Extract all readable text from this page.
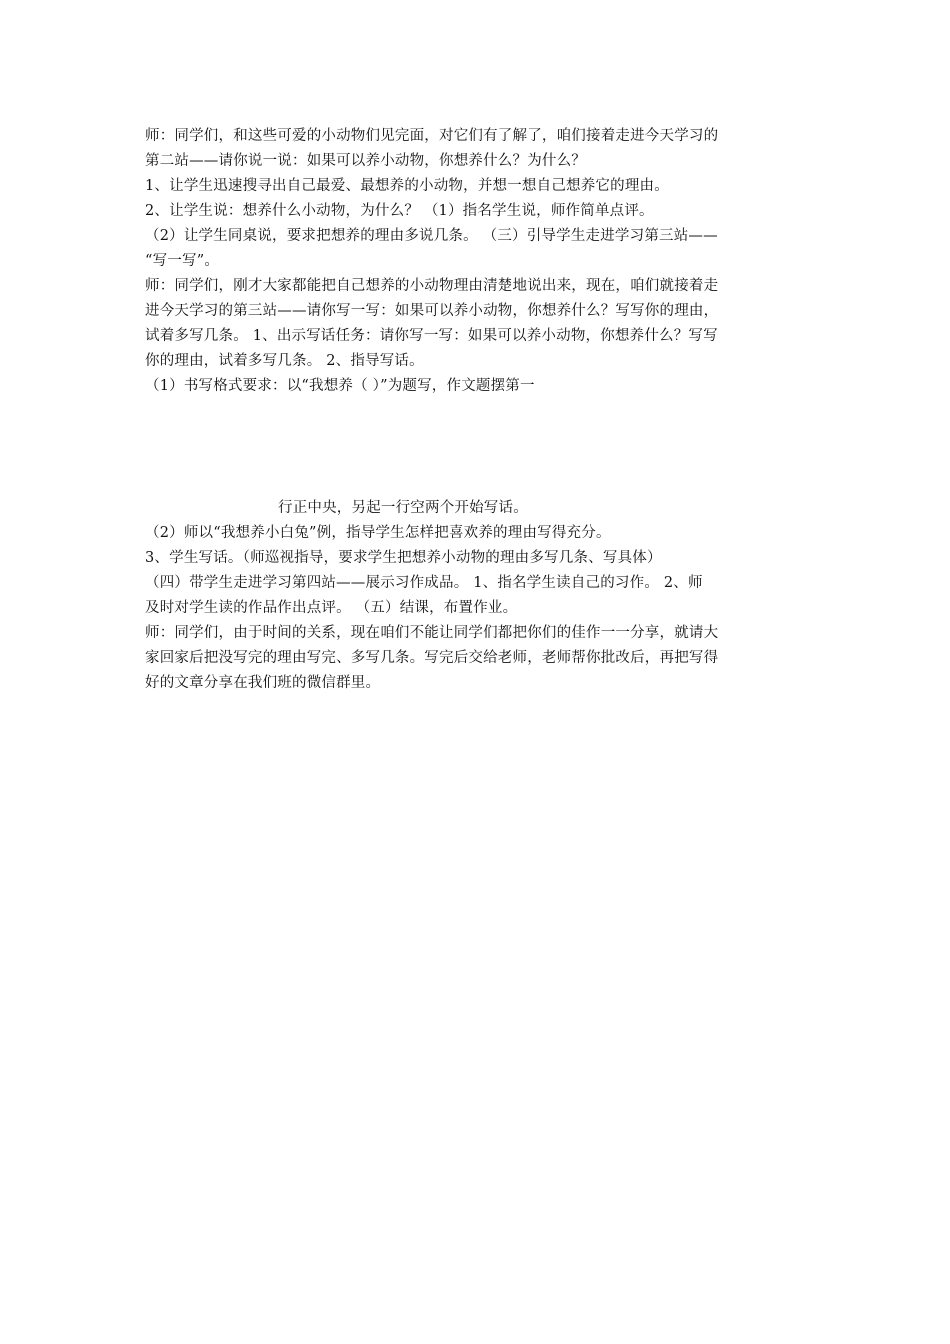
师：同学们，和这些可爱的小动物们见完面，对它们有了解了，咱们接着走进今天学习的
第二站——请你说一说：如果可以养小动物，你想养什么？为什么？
1、让学生迅速搜寻出自己最爱、最想养的小动物，并想一想自己想养它的理由。
2、让学生说：想养什么小动物，为什么？ （1）指名学生说，师作简单点评。
（2）让学生同桌说，要求把想养的理由多说几条。 （三）引导学生走进学习第三站——
“写一写”。
师：同学们，刚才大家都能把自己想养的小动物理由清楚地说出来，现在，咱们就接着走
进今天学习的第三站——请你写一写：如果可以养小动物，你想养什么？写写你的理由，
试着多写几条。 1、出示写话任务：请你写一写：如果可以养小动物，你想养什么？写写
你的理由，试着多写几条。 2、指导写话。
（1）书写格式要求：以“我想养（ ）”为题写，作文题摆第一
行正中央，另起一行空两个开始写话。
（2）师以“我想养小白兔”例，指导学生怎样把喜欢养的理由写得充分。
3、学生写话。（师巡视指导，要求学生把想养小动物的理由多写几条、写具体）
（四）带学生走进学习第四站——展示习作成品。 1、指名学生读自己的习作。 2、师
及时对学生读的作品作出点评。 （五）结课，布置作业。
师：同学们，由于时间的关系，现在咱们不能让同学们都把你们的佳作一一分享，就请大
家回家后把没写完的理由写完、多写几条。写完后交给老师，老师帮你批改后，再把写得
好的文章分享在我们班的微信群里。
